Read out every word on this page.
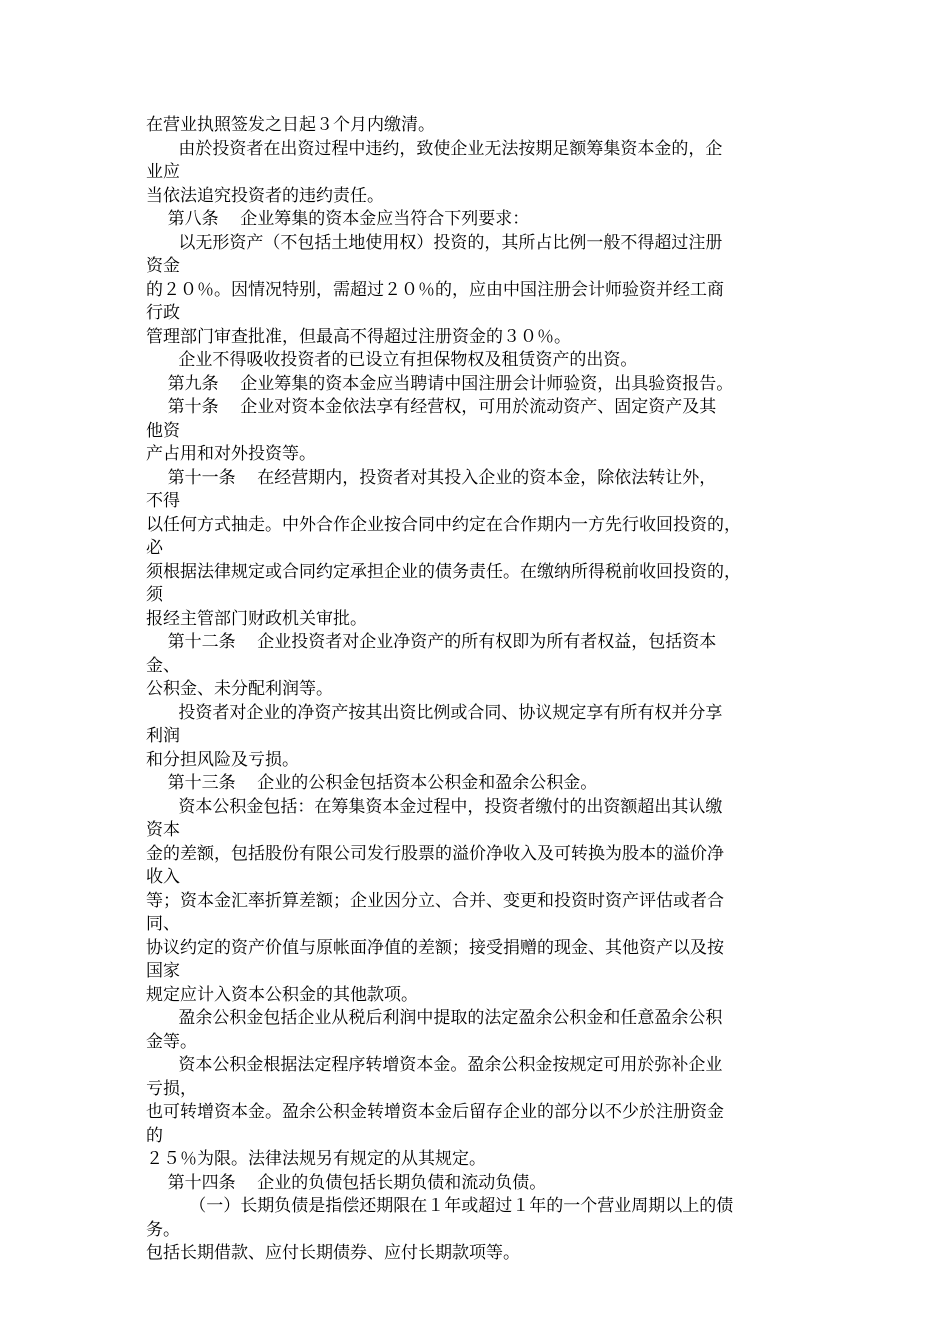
在营业执照签发之日起３个月内缴清。
由於投资者在出资过程中违约，致使企业无法按期足额筹集资本金的，企
业应
当依法追究投资者的违约责任。
第八条    企业筹集的资本金应当符合下列要求：
以无形资产（不包括土地使用权）投资的，其所占比例一般不得超过注册
资金
的２０％。因情况特别，需超过２０％的，应由中国注册会计师验资并经工商
行政
管理部门审查批准，但最高不得超过注册资金的３０％。
企业不得吸收投资者的已设立有担保物权及租赁资产的出资。
第九条    企业筹集的资本金应当聘请中国注册会计师验资，出具验资报告。
第十条    企业对资本金依法享有经营权，可用於流动资产、固定资产及其
他资
产占用和对外投资等。
第十一条    在经营期内，投资者对其投入企业的资本金，除依法转让外，
不得
以任何方式抽走。中外合作企业按合同中约定在合作期内一方先行收回投资的，
必
须根据法律规定或合同约定承担企业的债务责任。在缴纳所得税前收回投资的，
须
报经主管部门财政机关审批。
第十二条    企业投资者对企业净资产的所有权即为所有者权益，包括资本
金、
公积金、未分配利润等。
投资者对企业的净资产按其出资比例或合同、协议规定享有所有权并分享
利润
和分担风险及亏损。
第十三条    企业的公积金包括资本公积金和盈余公积金。
资本公积金包括：在筹集资本金过程中，投资者缴付的出资额超出其认缴
资本
金的差额，包括股份有限公司发行股票的溢价净收入及可转换为股本的溢价净
收入
等；资本金汇率折算差额；企业因分立、合并、变更和投资时资产评估或者合
同、
协议约定的资产价值与原帐面净值的差额；接受捐赠的现金、其他资产以及按
国家
规定应计入资本公积金的其他款项。
盈余公积金包括企业从税后利润中提取的法定盈余公积金和任意盈余公积
金等。
资本公积金根据法定程序转增资本金。盈余公积金按规定可用於弥补企业
亏损，
也可转增资本金。盈余公积金转增资本金后留存企业的部分以不少於注册资金
的
２５％为限。法律法规另有规定的从其规定。
第十四条    企业的负债包括长期负债和流动负债。
（一）长期负债是指偿还期限在１年或超过１年的一个营业周期以上的债
务。
包括长期借款、应付长期债券、应付长期款项等。
